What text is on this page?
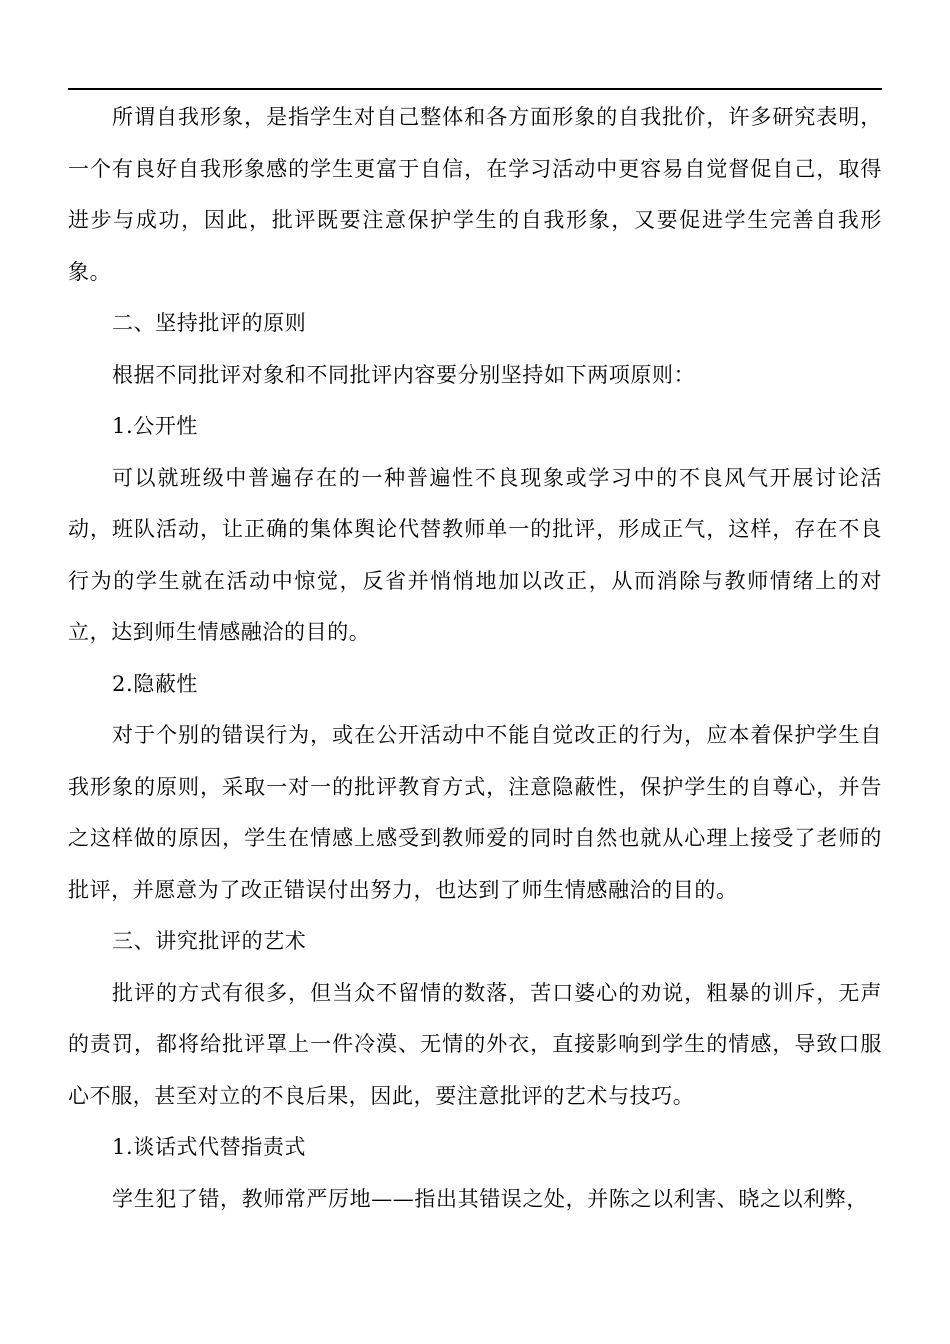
所谓自我形象，是指学生对自己整体和各方面形象的自我批价，许多研究表明，一个有良好自我形象感的学生更富于自信，在学习活动中更容易自觉督促自己，取得进步与成功，因此，批评既要注意保护学生的自我形象，又要促进学生完善自我形象。

二、坚持批评的原则

根据不同批评对象和不同批评内容要分别坚持如下两项原则：

1.公开性

可以就班级中普遍存在的一种普遍性不良现象或学习中的不良风气开展讨论活动，班队活动，让正确的集体舆论代替教师单一的批评，形成正气，这样，存在不良行为的学生就在活动中惊觉，反省并悄悄地加以改正，从而消除与教师情绪上的对立，达到师生情感融洽的目的。

2.隐蔽性

对于个别的错误行为，或在公开活动中不能自觉改正的行为，应本着保护学生自我形象的原则，采取一对一的批评教育方式，注意隐蔽性，保护学生的自尊心，并告之这样做的原因，学生在情感上感受到教师爱的同时自然也就从心理上接受了老师的批评，并愿意为了改正错误付出努力，也达到了师生情感融洽的目的。

三、讲究批评的艺术

批评的方式有很多，但当众不留情的数落，苦口婆心的劝说，粗暴的训斥，无声的责罚，都将给批评罩上一件冷漠、无情的外衣，直接影响到学生的情感，导致口服心不服，甚至对立的不良后果，因此，要注意批评的艺术与技巧。

1.谈话式代替指责式

学生犯了错，教师常严厉地——指出其错误之处，并陈之以利害、晓之以利弊，
